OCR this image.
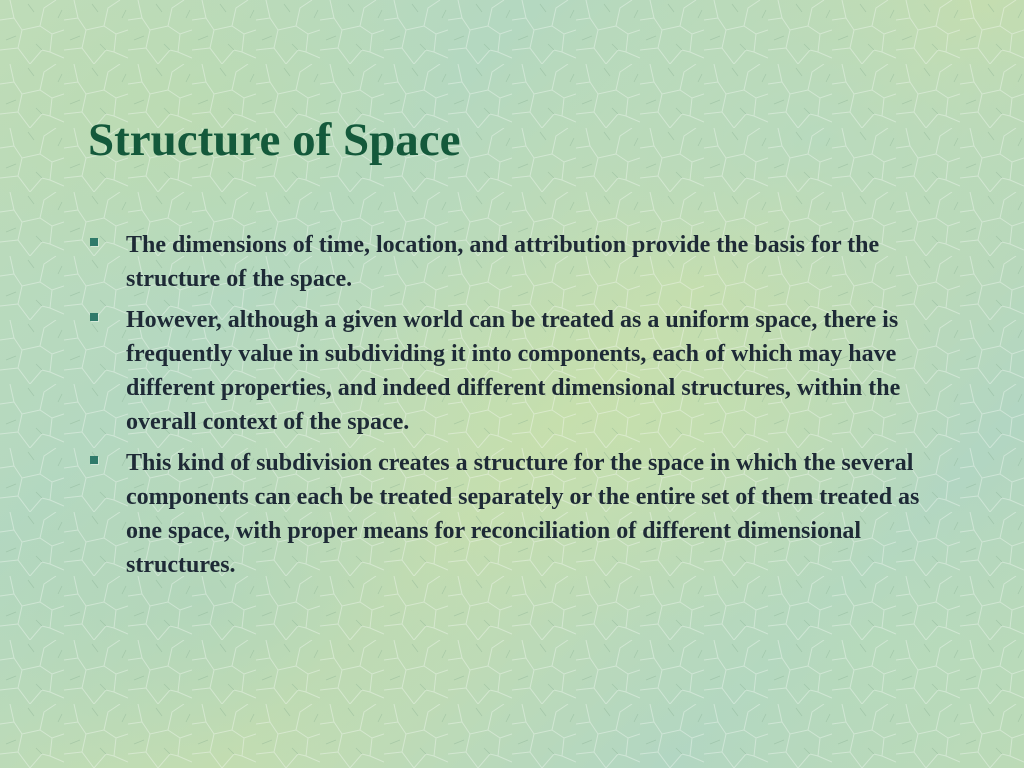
Structure of Space
The dimensions of time, location, and attribution provide the basis for the structure of the space.
However, although a given world can be treated as a uniform space, there is frequently value in subdividing it into components, each of which may have different properties, and indeed different dimensional structures, within the overall context of the space.
This kind of subdivision creates a structure for the space in which the several components can each be treated separately or the entire set of them treated as one space, with proper means for reconciliation of different dimensional structures.
